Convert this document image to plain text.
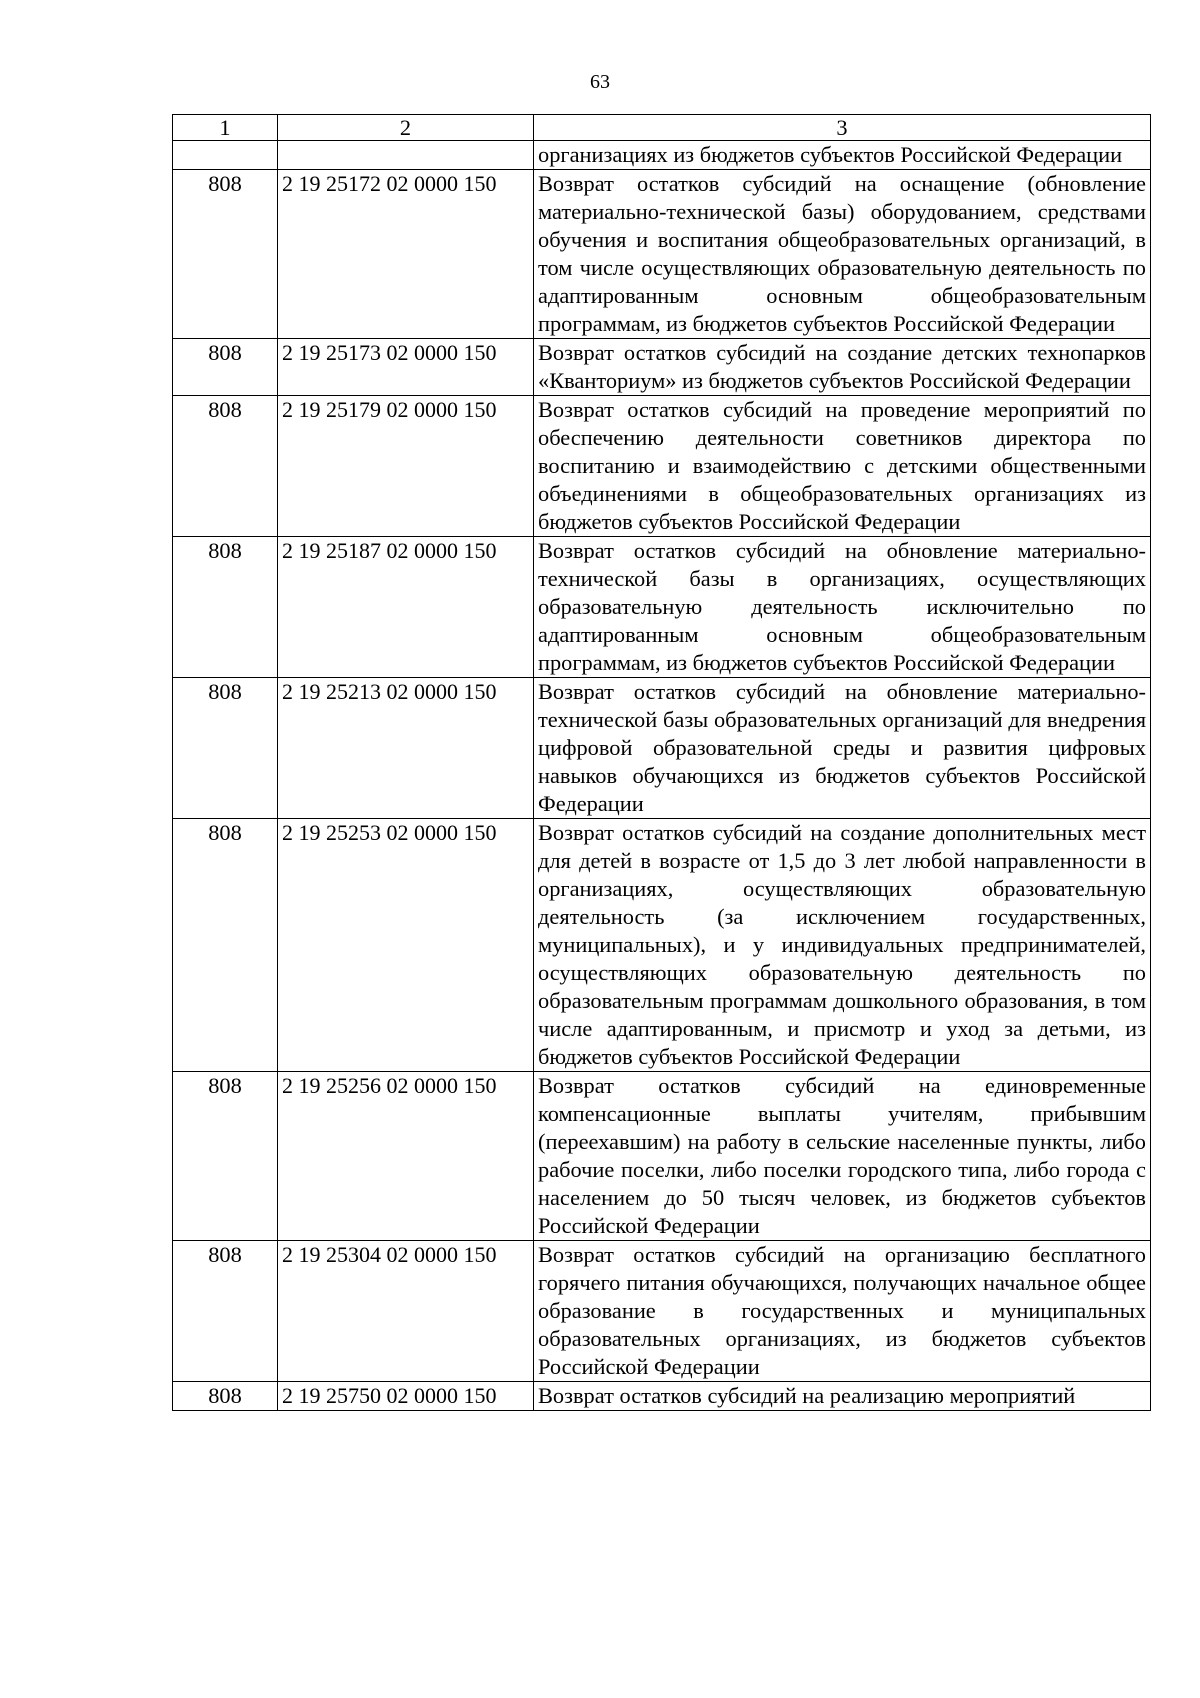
63
1	2	3
		организациях из бюджетов субъектов Российской Федерации
808	2 19 25172 02 0000 150	Возврат остатков субсидий на оснащение (обновление материально-технической базы) оборудованием, средствами обучения и воспитания общеобразовательных организаций, в том числе осуществляющих образовательную деятельность по адаптированным основным общеобразовательным программам, из бюджетов субъектов Российской Федерации
808	2 19 25173 02 0000 150	Возврат остатков субсидий на создание детских технопарков «Кванториум» из бюджетов субъектов Российской Федерации
808	2 19 25179 02 0000 150	Возврат остатков субсидий на проведение мероприятий по обеспечению деятельности советников директора по воспитанию и взаимодействию с детскими общественными объединениями в общеобразовательных организациях из бюджетов субъектов Российской Федерации
808	2 19 25187 02 0000 150	Возврат остатков субсидий на обновление материально-технической базы в организациях, осуществляющих образовательную деятельность исключительно по адаптированным основным общеобразовательным программам, из бюджетов субъектов Российской Федерации
808	2 19 25213 02 0000 150	Возврат остатков субсидий на обновление материально-технической базы образовательных организаций для внедрения цифровой образовательной среды и развития цифровых навыков обучающихся из бюджетов субъектов Российской Федерации
808	2 19 25253 02 0000 150	Возврат остатков субсидий на создание дополнительных мест для детей в возрасте от 1,5 до 3 лет любой направленности в организациях, осуществляющих образовательную деятельность (за исключением государственных, муниципальных), и у индивидуальных предпринимателей, осуществляющих образовательную деятельность по образовательным программам дошкольного образования, в том числе адаптированным, и присмотр и уход за детьми, из бюджетов субъектов Российской Федерации
808	2 19 25256 02 0000 150	Возврат остатков субсидий на единовременные компенсационные выплаты учителям, прибывшим (переехавшим) на работу в сельские населенные пункты, либо рабочие поселки, либо поселки городского типа, либо города с населением до 50 тысяч человек, из бюджетов субъектов Российской Федерации
808	2 19 25304 02 0000 150	Возврат остатков субсидий на организацию бесплатного горячего питания обучающихся, получающих начальное общее образование в государственных и муниципальных образовательных организациях, из бюджетов субъектов Российской Федерации
808	2 19 25750 02 0000 150	Возврат остатков субсидий на реализацию мероприятий
